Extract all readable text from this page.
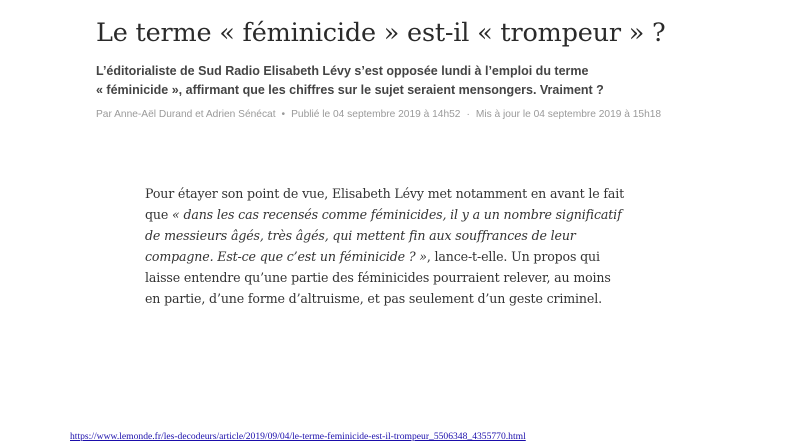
Le terme « féminicide » est-il « trompeur » ?

L’éditorialiste de Sud Radio Elisabeth Lévy s’est opposée lundi à l’emploi du terme
« féminicide », affirmant que les chiffres sur le sujet seraient mensongers. Vraiment ?

Par Anne-Aël Durand et Adrien Sénécat • Publié le 04 septembre 2019 à 14h52 · Mis à jour le 04 septembre 2019 à 15h18

Pour étayer son point de vue, Elisabeth Lévy met notamment en avant le fait que « dans les cas recensés comme féminicides, il y a un nombre significatif de messieurs âgés, très âgés, qui mettent fin aux souffrances de leur compagne. Est-ce que c’est un féminicide ? », lance-t-elle. Un propos qui laisse entendre qu’une partie des féminicides pourraient relever, au moins en partie, d’une forme d’altruisme, et pas seulement d’un geste criminel.

https://www.lemonde.fr/les-decodeurs/article/2019/09/04/le-terme-feminicide-est-il-trompeur_5506348_4355770.html
